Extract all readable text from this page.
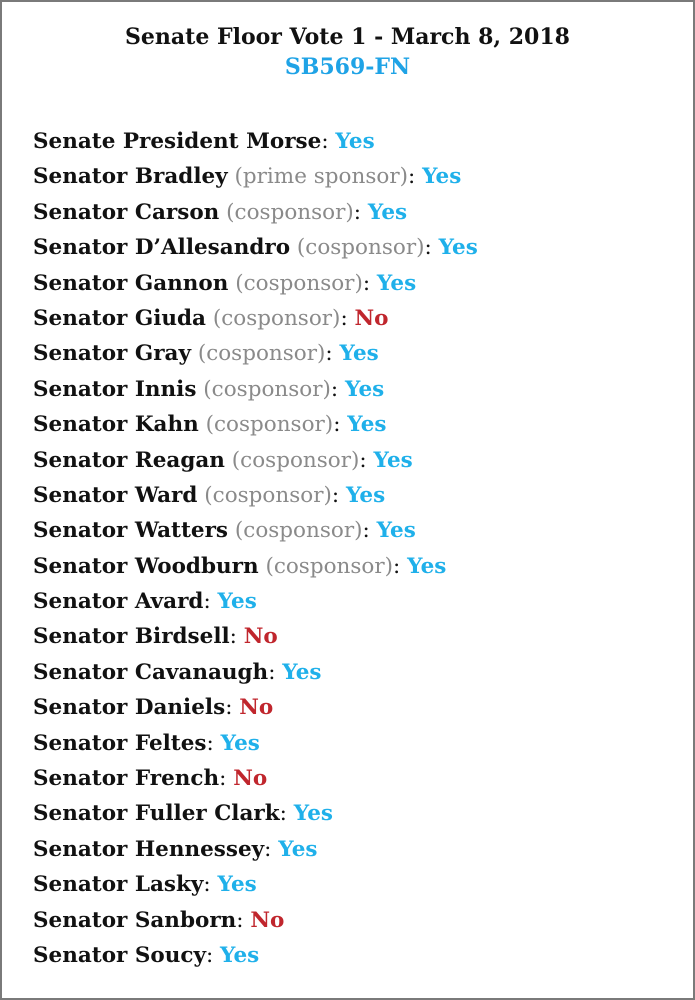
Senate Floor Vote 1 - March 8, 2018
SB569-FN
Senate President Morse: Yes
Senator Bradley (prime sponsor): Yes
Senator Carson (cosponsor): Yes
Senator D’Allesandro (cosponsor): Yes
Senator Gannon (cosponsor): Yes
Senator Giuda (cosponsor): No
Senator Gray (cosponsor): Yes
Senator Innis (cosponsor): Yes
Senator Kahn (cosponsor): Yes
Senator Reagan (cosponsor): Yes
Senator Ward (cosponsor): Yes
Senator Watters (cosponsor): Yes
Senator Woodburn (cosponsor): Yes
Senator Avard: Yes
Senator Birdsell: No
Senator Cavanaugh: Yes
Senator Daniels: No
Senator Feltes: Yes
Senator French: No
Senator Fuller Clark: Yes
Senator Hennessey: Yes
Senator Lasky: Yes
Senator Sanborn: No
Senator Soucy: Yes
